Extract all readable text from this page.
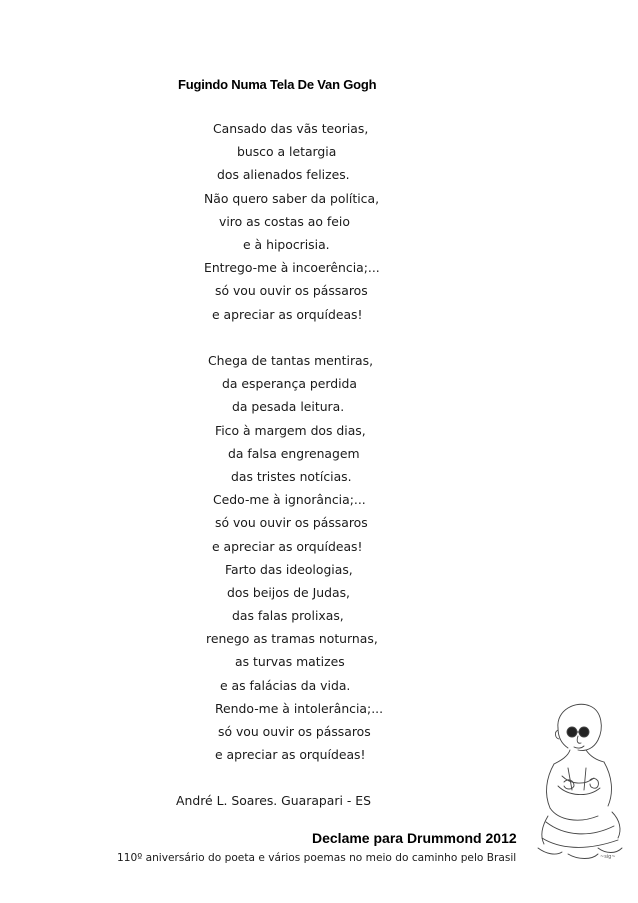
Fugindo Numa Tela De Van Gogh
Cansado das vãs teorias,
busco a letargia
dos alienados felizes.
Não quero saber da política,
viro as costas ao feio
e à hipocrisia.
Entrego-me à incoerência;...
só vou ouvir os pássaros
e apreciar as orquídeas!
Chega de tantas mentiras,
da esperança perdida
da pesada leitura.
Fico à margem dos dias,
da falsa engrenagem
das tristes notícias.
Cedo-me à ignorância;...
só vou ouvir os pássaros
e apreciar as orquídeas!
Farto das ideologias,
dos beijos de Judas,
das falas prolixas,
renego as tramas noturnas,
as turvas matizes
e as falácias da vida.
Rendo-me à intolerância;...
só vou ouvir os pássaros
e apreciar as orquídeas!
André L. Soares. Guarapari - ES
Declame para Drummond 2012
110º aniversário do poeta e vários poemas no meio do caminho pelo Brasil	~sig~
